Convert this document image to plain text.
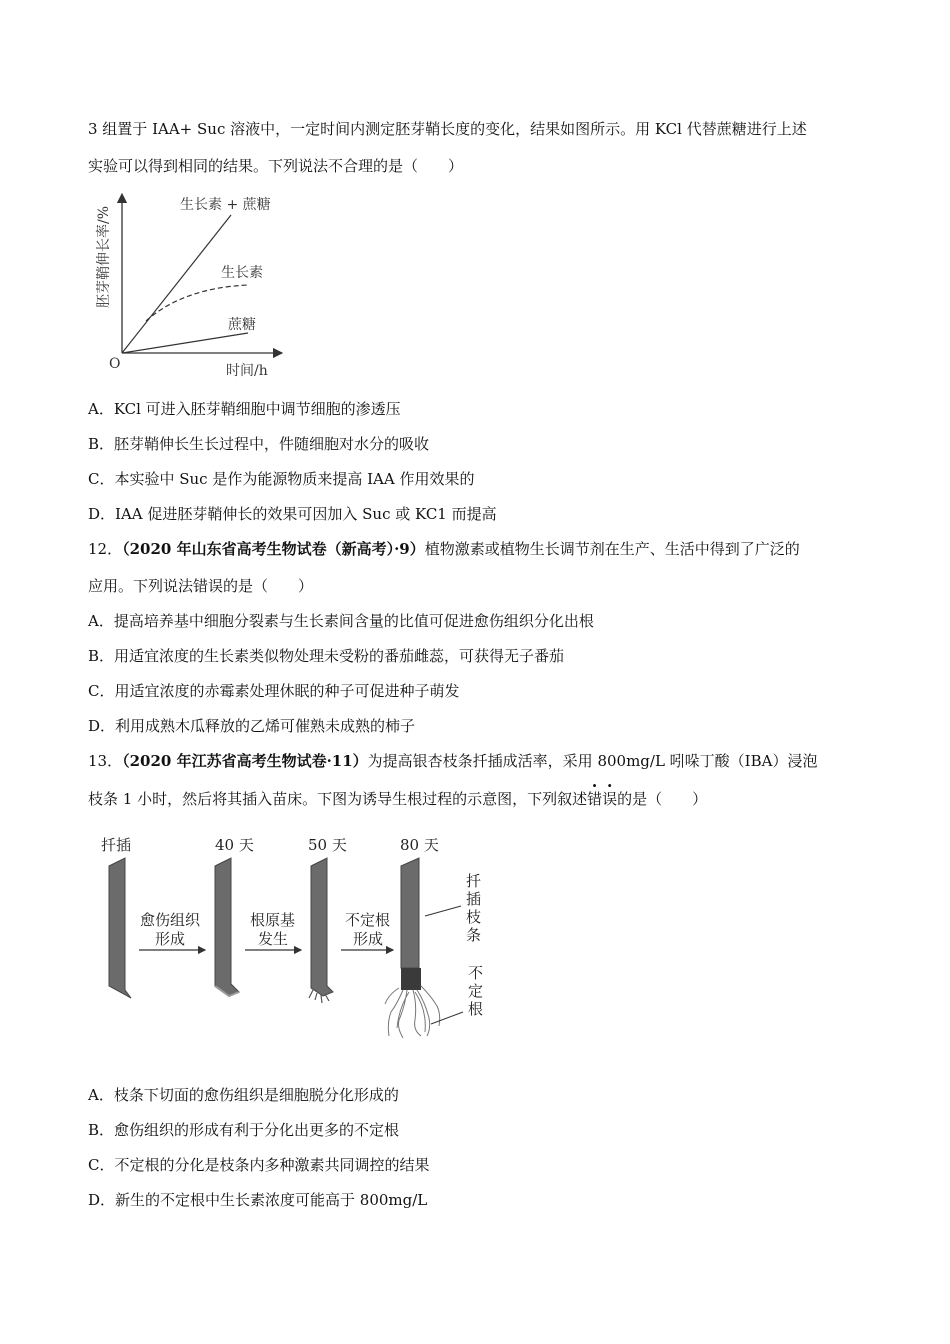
3 组置于 IAA+ Suc 溶液中，一定时间内测定胚芽鞘长度的变化，结果如图所示。用 KCl 代替蔗糖进行上述
实验可以得到相同的结果。下列说法不合理的是（　　）
胚芽鞘伸长率/%
O	时间/h
生长素 + 蔗糖
生长素
蔗糖
A．KCl 可进入胚芽鞘细胞中调节细胞的渗透压
B．胚芽鞘伸长生长过程中，件随细胞对水分的吸收
C．本实验中 Suc 是作为能源物质来提高 IAA 作用效果的
D．IAA 促进胚芽鞘伸长的效果可因加入 Suc 或 KC1 而提高
12．（2020 年山东省高考生物试卷（新高考）·9）植物激素或植物生长调节剂在生产、生活中得到了广泛的
应用。下列说法错误的是（　　）
A．提高培养基中细胞分裂素与生长素间含量的比值可促进愈伤组织分化出根
B．用适宜浓度的生长素类似物处理未受粉的番茄雌蕊，可获得无子番茄
C．用适宜浓度的赤霉素处理休眠的种子可促进种子萌发
D．利用成熟木瓜释放的乙烯可催熟未成熟的柿子
13．（2020 年江苏省高考生物试卷·11）为提高银杏枝条扦插成活率，采用 800mg/L 吲哚丁酸（IBA）浸泡
枝条 1 小时，然后将其插入苗床。下图为诱导生根过程的示意图，下列叙述错误的是（　　）
扦插	40 天	50 天	80 天
愈伤组织
形成
根原基
发生
不定根
形成
扦插枝条
不定根
A．枝条下切面的愈伤组织是细胞脱分化形成的
B．愈伤组织的形成有利于分化出更多的不定根
C．不定根的分化是枝条内多种激素共同调控的结果
D．新生的不定根中生长素浓度可能高于 800mg/L
